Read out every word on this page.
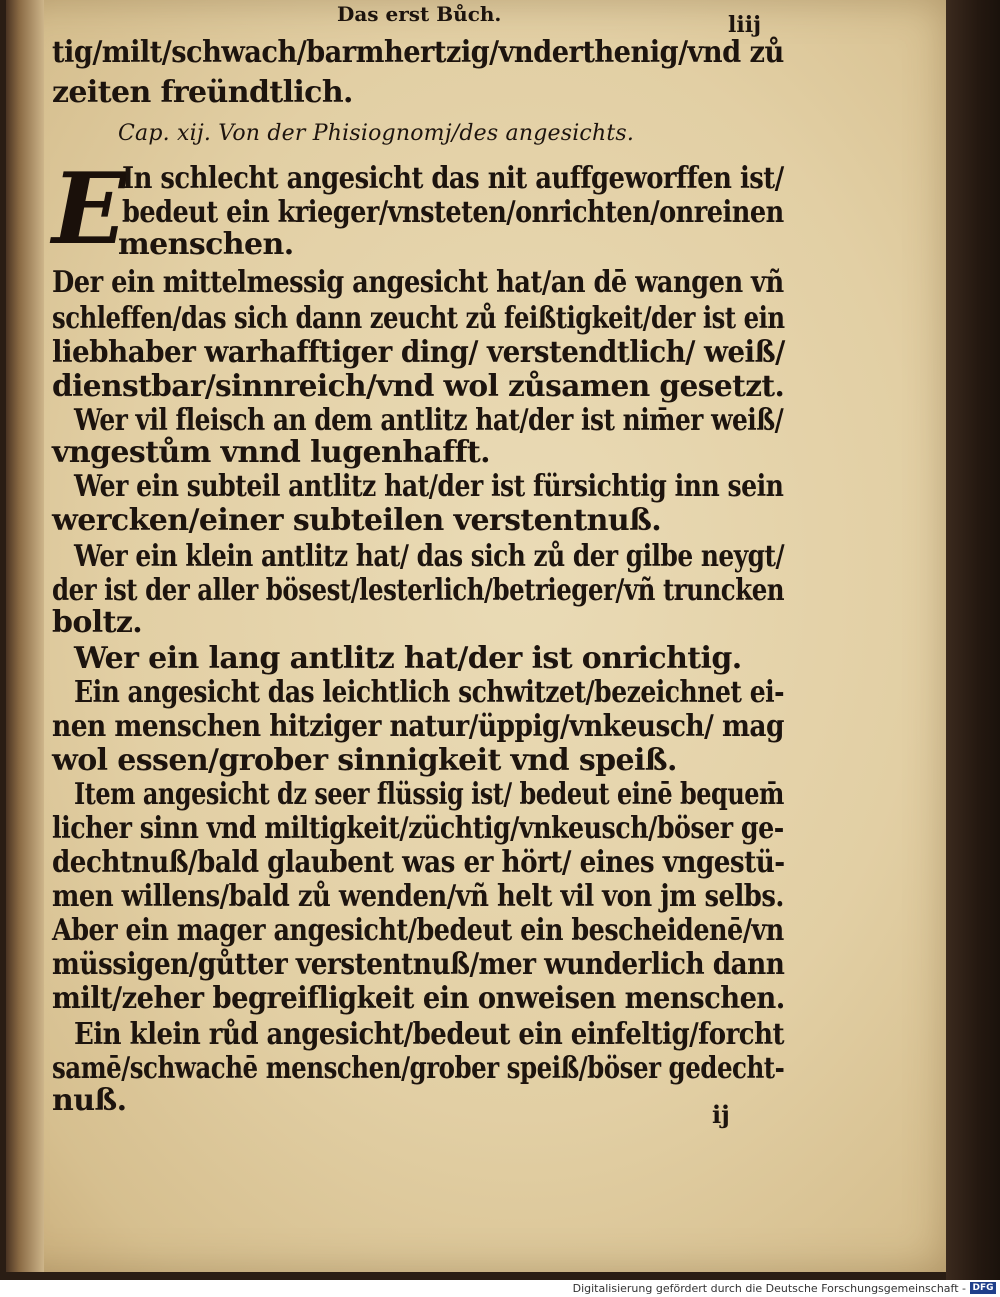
Das erst Bůch.	liij
tig/milt/schwach/barmhertzig/vnderthenig/vnd zů
zeiten freündtlich.
Cap. xij. Von der Phisiognomj/des angesichts.
E
In schlecht angesicht das nit auffgeworffen ist/
bedeut ein krieger/vnsteten/onrichten/onreinen
menschen.
Der ein mittelmessig angesicht hat/an dē wangen vñ
schleffen/das sich dann zeucht zů feißtigkeit/der ist ein
liebhaber warhafftiger ding/ verstendtlich/ weiß/
dienstbar/sinnreich/vnd wol zůsamen gesetzt.
Wer vil fleisch an dem antlitz hat/der ist nim̄er weiß/
vngestům vnnd lugenhafft.
Wer ein subteil antlitz hat/der ist fürsichtig inn sein
wercken/einer subteilen verstentnuß.
Wer ein klein antlitz hat/ das sich zů der gilbe neygt/
der ist der aller bösest/lesterlich/betrieger/vñ truncken
boltz.
Wer ein lang antlitz hat/der ist onrichtig.
Ein angesicht das leichtlich schwitzet/bezeichnet ei-
nen menschen hitziger natur/üppig/vnkeusch/ mag
wol essen/grober sinnigkeit vnd speiß.
Item angesicht dz seer flüssig ist/ bedeut einē bequem̄
licher sinn vnd miltigkeit/züchtig/vnkeusch/böser ge-
dechtnuß/bald glaubent was er hört/ eines vngestü-
men willens/bald zů wenden/vñ helt vil von jm selbs.
Aber ein mager angesicht/bedeut ein bescheidenē/vn
müssigen/gůtter verstentnuß/mer wunderlich dann
milt/zeher begreifligkeit ein onweisen menschen.
Ein klein růd angesicht/bedeut ein einfeltig/forcht
samē/schwachē menschen/grober speiß/böser gedecht-
nuß.	ij
Digitalisierung gefördert durch die Deutsche Forschungsgemeinschaft - DFG
